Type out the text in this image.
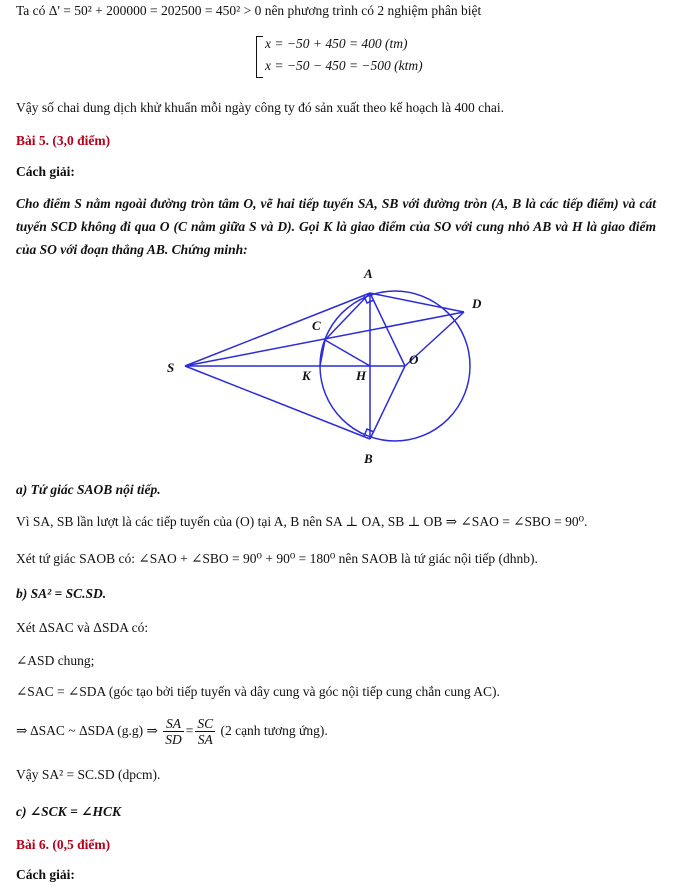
Ta có Δ' = 50² + 200000 = 202500 = 450² > 0 nên phương trình có 2 nghiệm phân biệt
x = −50 + 450 = 400 (tm)
x = −50 − 450 = −500 (ktm)
Vậy số chai dung dịch khử khuẩn mỗi ngày công ty đó sản xuất theo kế hoạch là 400 chai.
Bài 5. (3,0 điểm)
Cách giải:
Cho điểm S nằm ngoài đường tròn tâm O, vẽ hai tiếp tuyến SA, SB với đường tròn (A, B là các tiếp điểm) và cát tuyến SCD không đi qua O (C nằm giữa S và D). Gọi K là giao điểm của SO với cung nhỏ AB và H là giao điểm của SO với đoạn thẳng AB. Chứng minh:
A
B
C
D
S
K	H
O
a) Tứ giác SAOB nội tiếp.
Vì SA, SB lần lượt là các tiếp tuyến của (O) tại A, B nên SA ⊥ OA, SB ⊥ OB ⇒ ∠SAO = ∠SBO = 90⁰.
Xét tứ giác SAOB có: ∠SAO + ∠SBO = 90⁰ + 90⁰ = 180⁰ nên SAOB là tứ giác nội tiếp (dhnb).
b) SA² = SC.SD.
Xét ΔSAC và ΔSDA có:
∠ASD chung;
∠SAC = ∠SDA (góc tạo bởi tiếp tuyến và dây cung và góc nội tiếp cung chắn cung AC).
⇒ ΔSAC ~ ΔSDA (g.g) ⇒ $\frac{SA}{SD} = \frac{SC}{SA} (2$ cạnh tương ứng).
Vậy SA² = SC.SD (dpcm).
c) ∠SCK = ∠HCK
Bài 6. (0,5 điểm)
Cách giải:
